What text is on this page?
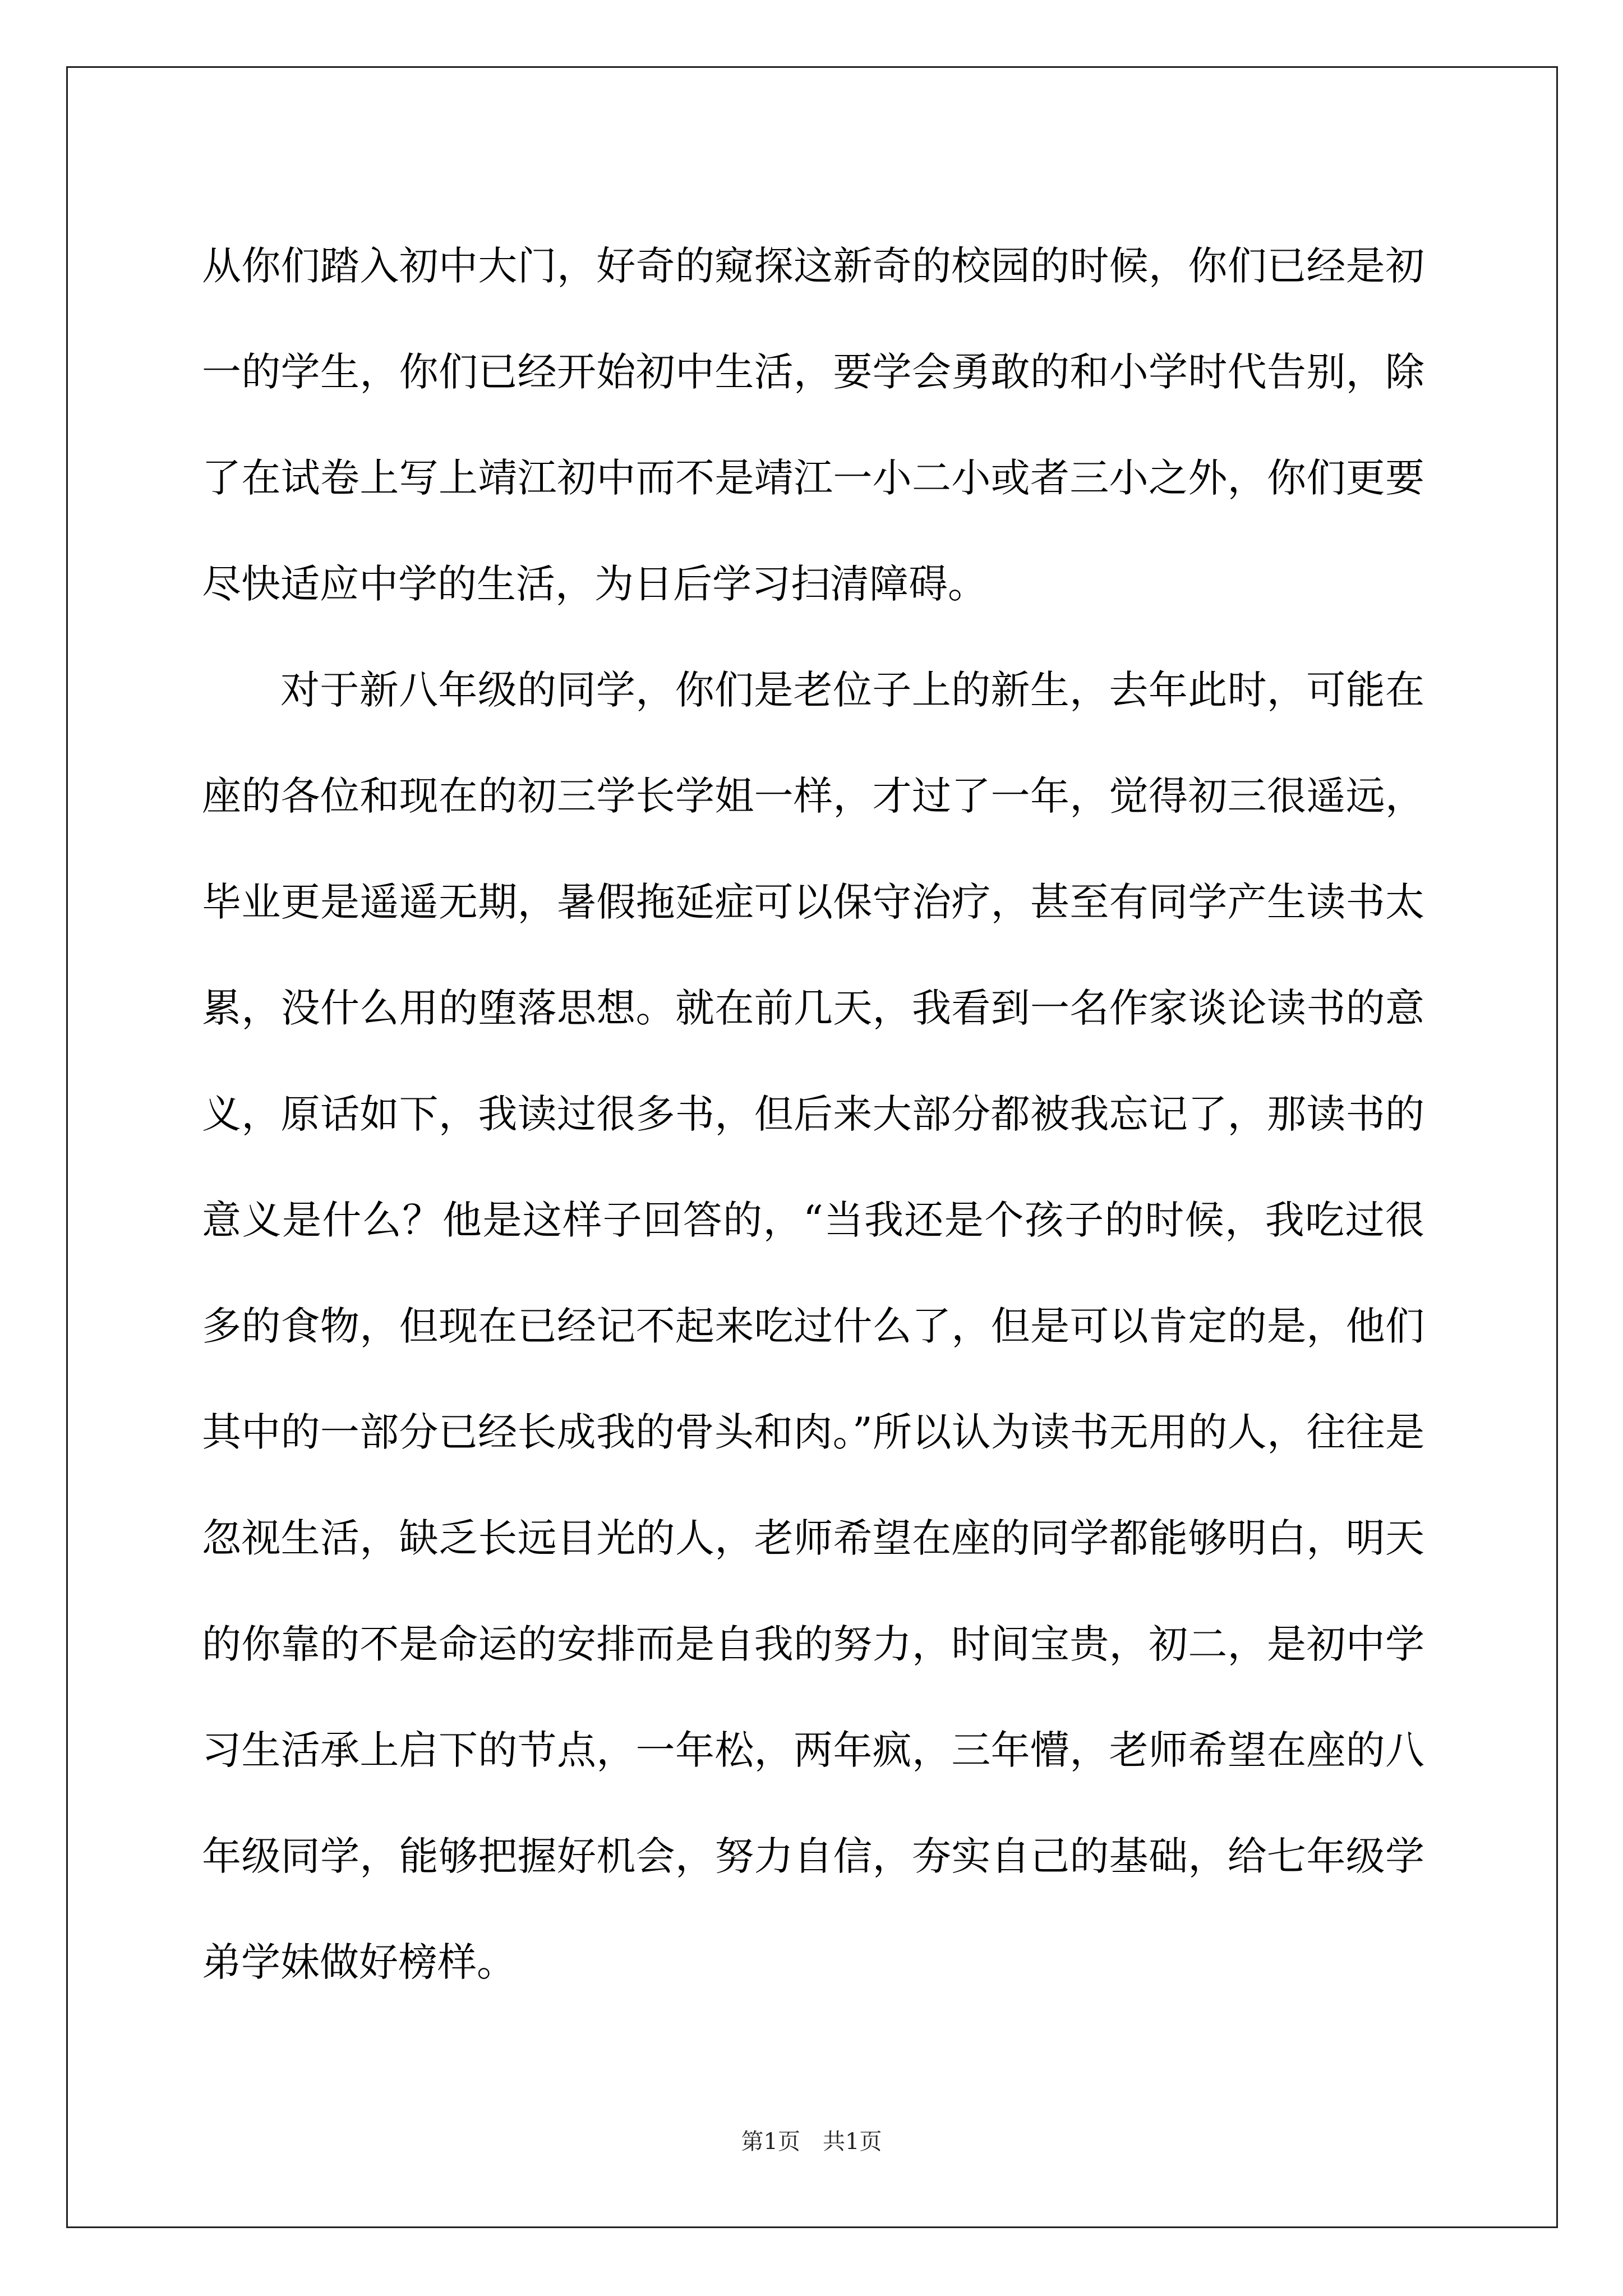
从你们踏入初中大门，好奇的窥探这新奇的校园的时候，你们已经是初一的学生，你们已经开始初中生活，要学会勇敢的和小学时代告别，除了在试卷上写上靖江初中而不是靖江一小二小或者三小之外，你们更要尽快适应中学的生活，为日后学习扫清障碍。

对于新八年级的同学，你们是老位子上的新生，去年此时，可能在座的各位和现在的初三学长学姐一样，才过了一年，觉得初三很遥远，毕业更是遥遥无期，暑假拖延症可以保守治疗，甚至有同学产生读书太累，没什么用的堕落思想。就在前几天，我看到一名作家谈论读书的意义，原话如下，我读过很多书，但后来大部分都被我忘记了，那读书的意义是什么？他是这样子回答的，“当我还是个孩子的时候，我吃过很多的食物，但现在已经记不起来吃过什么了，但是可以肯定的是，他们其中的一部分已经长成我的骨头和肉。”所以认为读书无用的人，往往是忽视生活，缺乏长远目光的人，老师希望在座的同学都能够明白，明天的你靠的不是命运的安排而是自我的努力，时间宝贵，初二，是初中学习生活承上启下的节点，一年松，两年疯，三年懵，老师希望在座的八年级同学，能够把握好机会，努力自信，夯实自己的基础，给七年级学弟学妹做好榜样。

第1页 共1页
